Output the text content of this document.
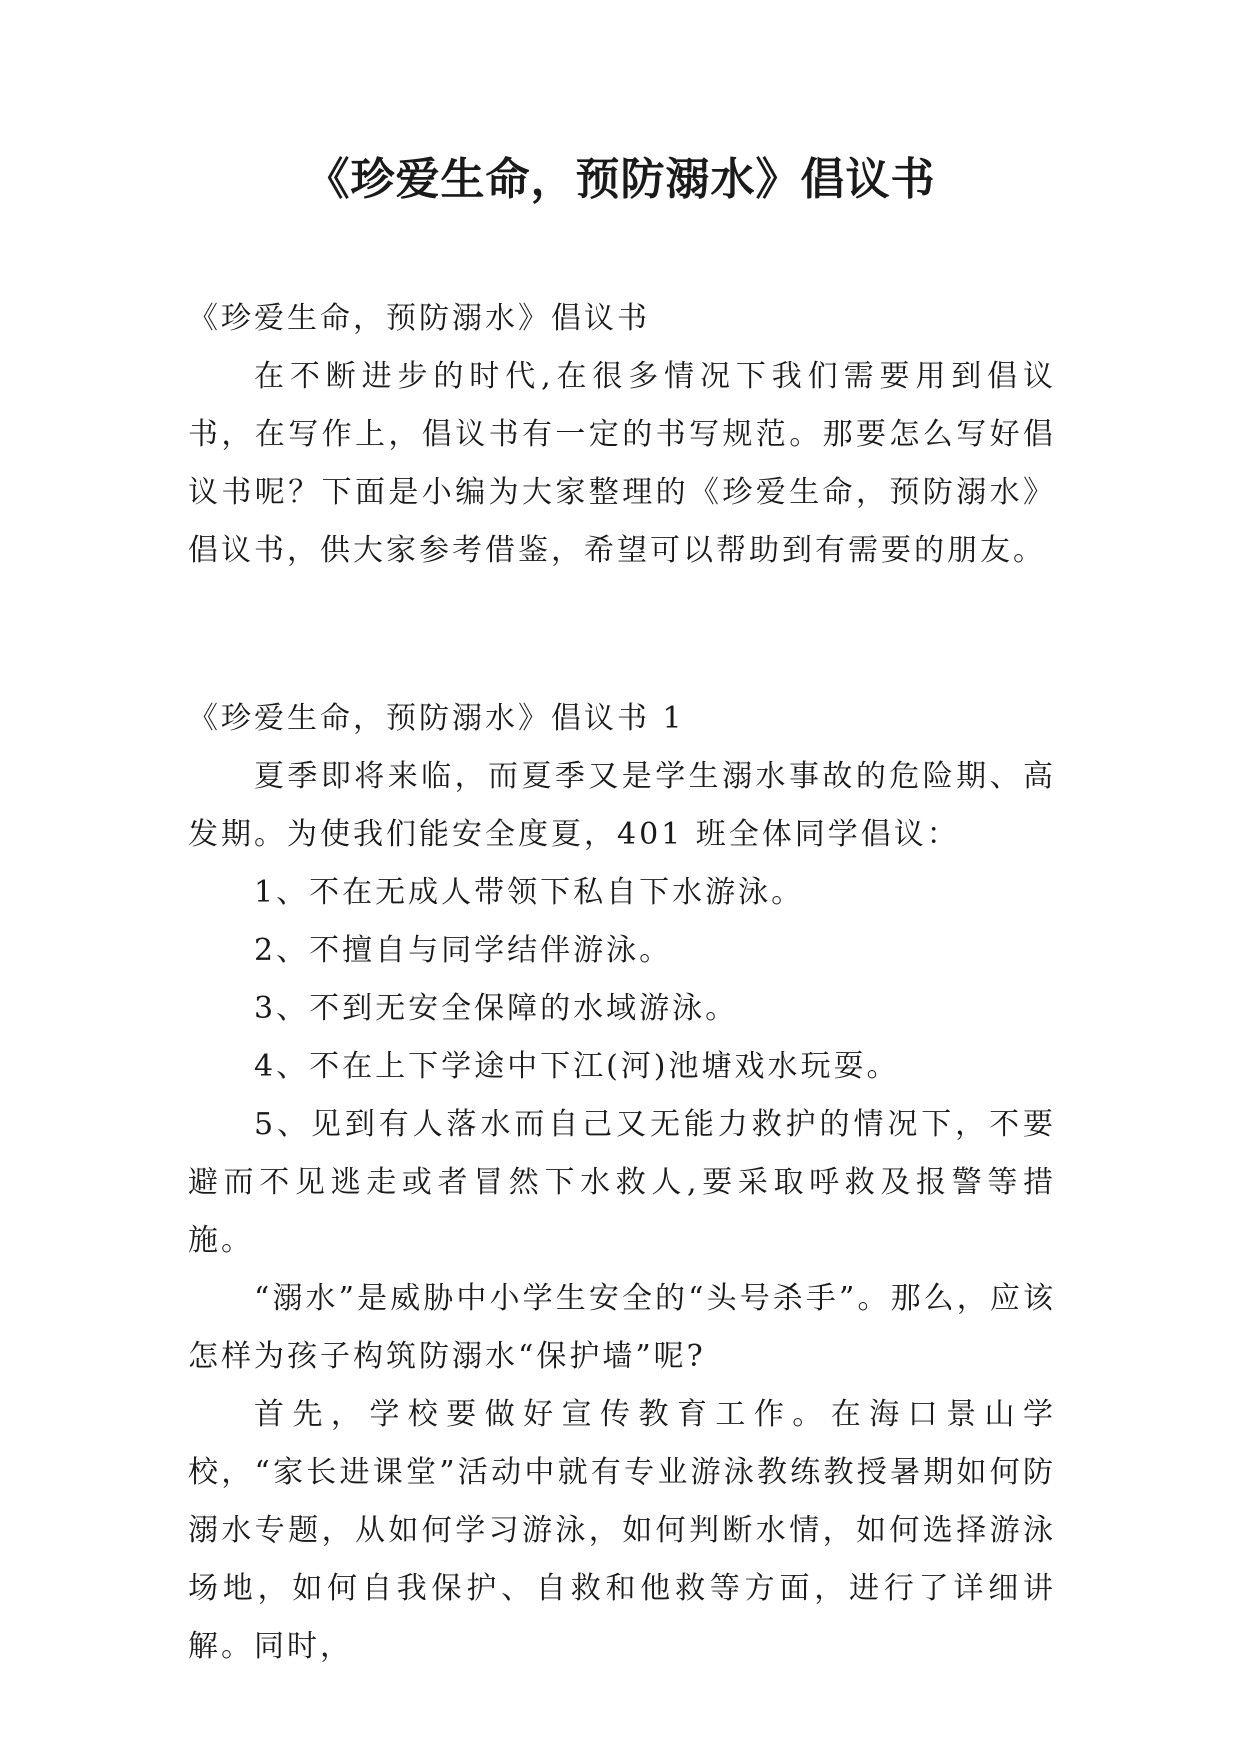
《珍爱生命，预防溺水》倡议书

《珍爱生命，预防溺水》倡议书

在不断进步的时代,在很多情况下我们需要用到倡议书，在写作上，倡议书有一定的书写规范。那要怎么写好倡议书呢？下面是小编为大家整理的《珍爱生命，预防溺水》倡议书，供大家参考借鉴，希望可以帮助到有需要的朋友。

《珍爱生命，预防溺水》倡议书 1

夏季即将来临，而夏季又是学生溺水事故的危险期、高发期。为使我们能安全度夏，401 班全体同学倡议：

1、不在无成人带领下私自下水游泳。

2、不擅自与同学结伴游泳。

3、不到无安全保障的水域游泳。

4、不在上下学途中下江(河)池塘戏水玩耍。

5、见到有人落水而自己又无能力救护的情况下，不要避而不见逃走或者冒然下水救人,要采取呼救及报警等措施。

“溺水”是威胁中小学生安全的“头号杀手”。那么，应该怎样为孩子构筑防溺水“保护墙”呢?

首先，学校要做好宣传教育工作。在海口景山学校，“家长进课堂”活动中就有专业游泳教练教授暑期如何防溺水专题，从如何学习游泳，如何判断水情，如何选择游泳场地，如何自我保护、自救和他救等方面，进行了详细讲解。同时，
